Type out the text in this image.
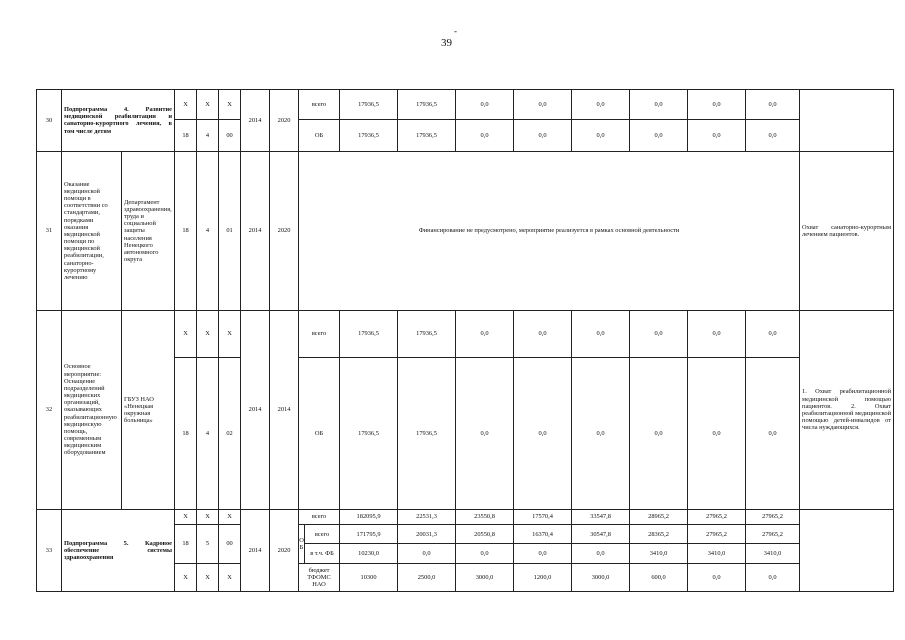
-
39
30	Подпрограмма 4. Развитие медицинской реабилитации и санаторно-курортного лечения, в том числе детям		X	X	X	2014	2020	всего		17936,5	17936,5	0,0	0,0	0,0	0,0	0,0	0,0	
			18	4	00			ОБ		17936,5	17936,5	0,0	0,0	0,0	0,0	0,0	0,0	
31	Оказание медицинской помощи в соответствии со стандартами, порядками оказания медицинской помощи по медицинской реабилитации, санаторно-курортному лечению	Департамент здравоохранения, труда и социальной защиты населения Ненецкого автономного округа	18	4	01	2014	2020	Финансирование не предусмотрено, мероприятие реализуется в рамках основной деятельности										Охват санаторно-курортным лечением пациентов.
32	Основное мероприятие: Оснащение подразделений медицинских организаций, оказывающих реабилитационную медицинскую помощь, современным медицинским оборудованием	ГБУЗ НАО «Ненецкая окружная больница»	X	X	X	2014	2014	всего		17936,5	17936,5	0,0	0,0	0,0	0,0	0,0	0,0	1. Охват реабилитационной медицинской помощью пациентов. 2. Охват реабилитационной медицинской помощью детей-инвалидов от числа нуждающихся.
			18	4	02			ОБ		17936,5	17936,5	0,0	0,0	0,0	0,0	0,0	0,0	
33	Подпрограмма 5. Кадровое обеспечение системы здравоохранения		X	X	X	2014	2020	всего		182095,9	22531,3	23550,8	17570,4	33547,8	28965,2	27965,2	27965,2	
			18	5	00			О Б	всего	171795,9	20031,3	20550,8	16370,4	30547,8	28365,2	27965,2	27965,2	
									в т.ч. ФБ	10230,0	0,0	0,0	0,0	0,0	3410,0	3410,0	3410,0	
			X	X	X			бюджет ТФОМС НАО		10300	2500,0	3000,0	1200,0	3000,0	600,0	0,0	0,0	
